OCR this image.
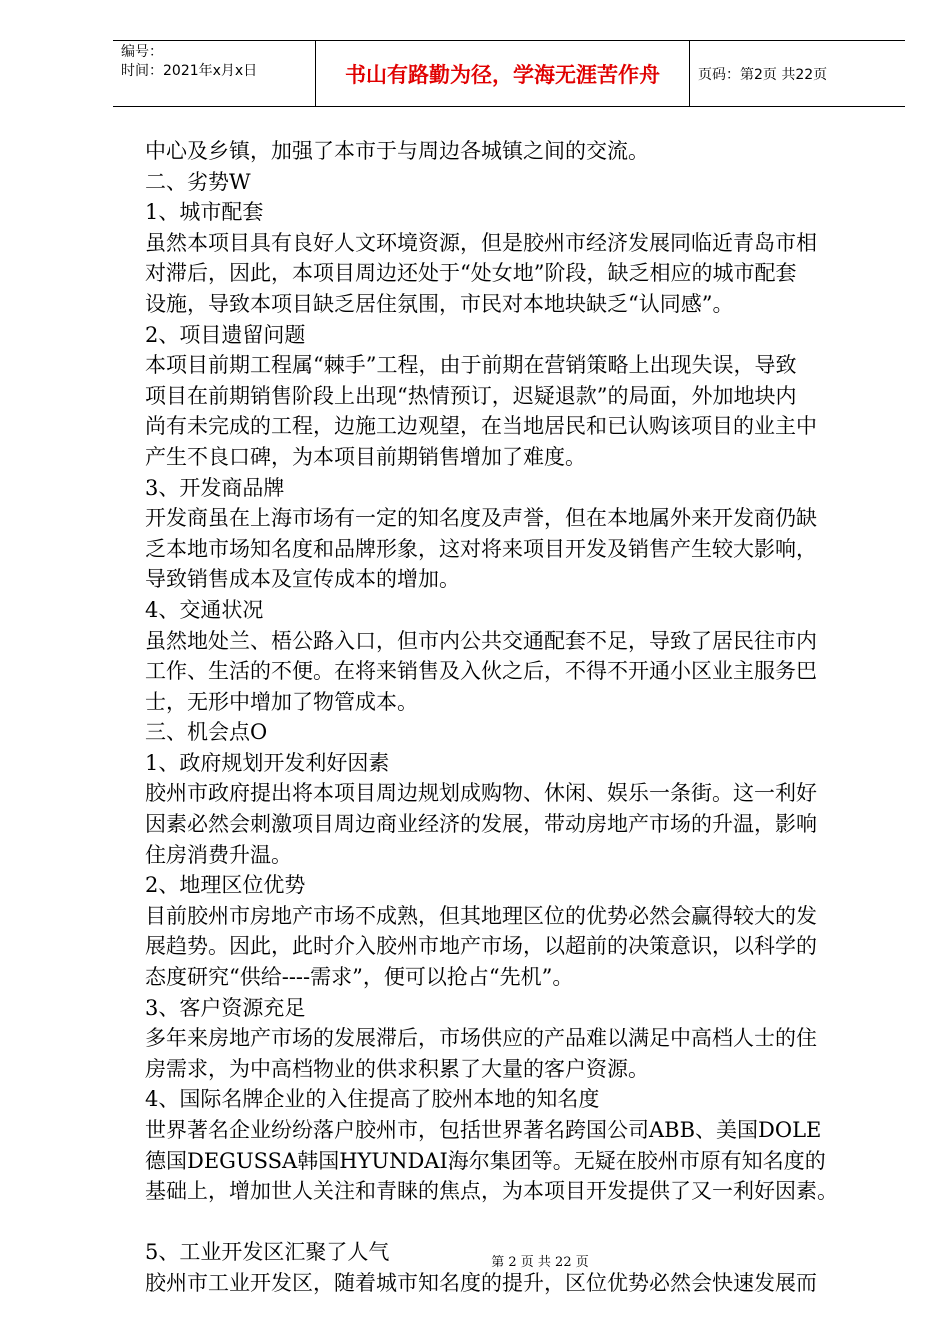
编号：
时间：2021年x月x日	书山有路勤为径，学海无涯苦作舟	页码：第2页 共22页
中心及乡镇，加强了本市于与周边各城镇之间的交流。
二、劣势W
1、城市配套
虽然本项目具有良好人文环境资源，但是胶州市经济发展同临近青岛市相
对滞后，因此，本项目周边还处于“处女地”阶段，缺乏相应的城市配套
设施，导致本项目缺乏居住氛围，市民对本地块缺乏“认同感”。
2、项目遗留问题
本项目前期工程属“棘手”工程，由于前期在营销策略上出现失误，导致
项目在前期销售阶段上出现“热情预订，迟疑退款”的局面，外加地块内
尚有未完成的工程，边施工边观望，在当地居民和已认购该项目的业主中
产生不良口碑，为本项目前期销售增加了难度。
3、开发商品牌
开发商虽在上海市场有一定的知名度及声誉，但在本地属外来开发商仍缺
乏本地市场知名度和品牌形象，这对将来项目开发及销售产生较大影响，
导致销售成本及宣传成本的增加。
4、交通状况
虽然地处兰、梧公路入口，但市内公共交通配套不足，导致了居民往市内
工作、生活的不便。在将来销售及入伙之后，不得不开通小区业主服务巴
士，无形中增加了物管成本。
三、机会点O
1、政府规划开发利好因素
胶州市政府提出将本项目周边规划成购物、休闲、娱乐一条街。这一利好
因素必然会刺激项目周边商业经济的发展，带动房地产市场的升温，影响
住房消费升温。
2、地理区位优势
目前胶州市房地产市场不成熟，但其地理区位的优势必然会赢得较大的发
展趋势。因此，此时介入胶州市地产市场，以超前的决策意识，以科学的
态度研究“供给----需求”，便可以抢占“先机”。
3、客户资源充足
多年来房地产市场的发展滞后，市场供应的产品难以满足中高档人士的住
房需求，为中高档物业的供求积累了大量的客户资源。
4、国际名牌企业的入住提高了胶州本地的知名度
世界著名企业纷纷落户胶州市，包括世界著名跨国公司ABB、美国DOLE
德国DEGUSSA韩国HYUNDAI海尔集团等。无疑在胶州市原有知名度的
基础上，增加世人关注和青睐的焦点，为本项目开发提供了又一利好因素。
5、工业开发区汇聚了人气
胶州市工业开发区，随着城市知名度的提升，区位优势必然会快速发展而
第 2 页 共 22 页
